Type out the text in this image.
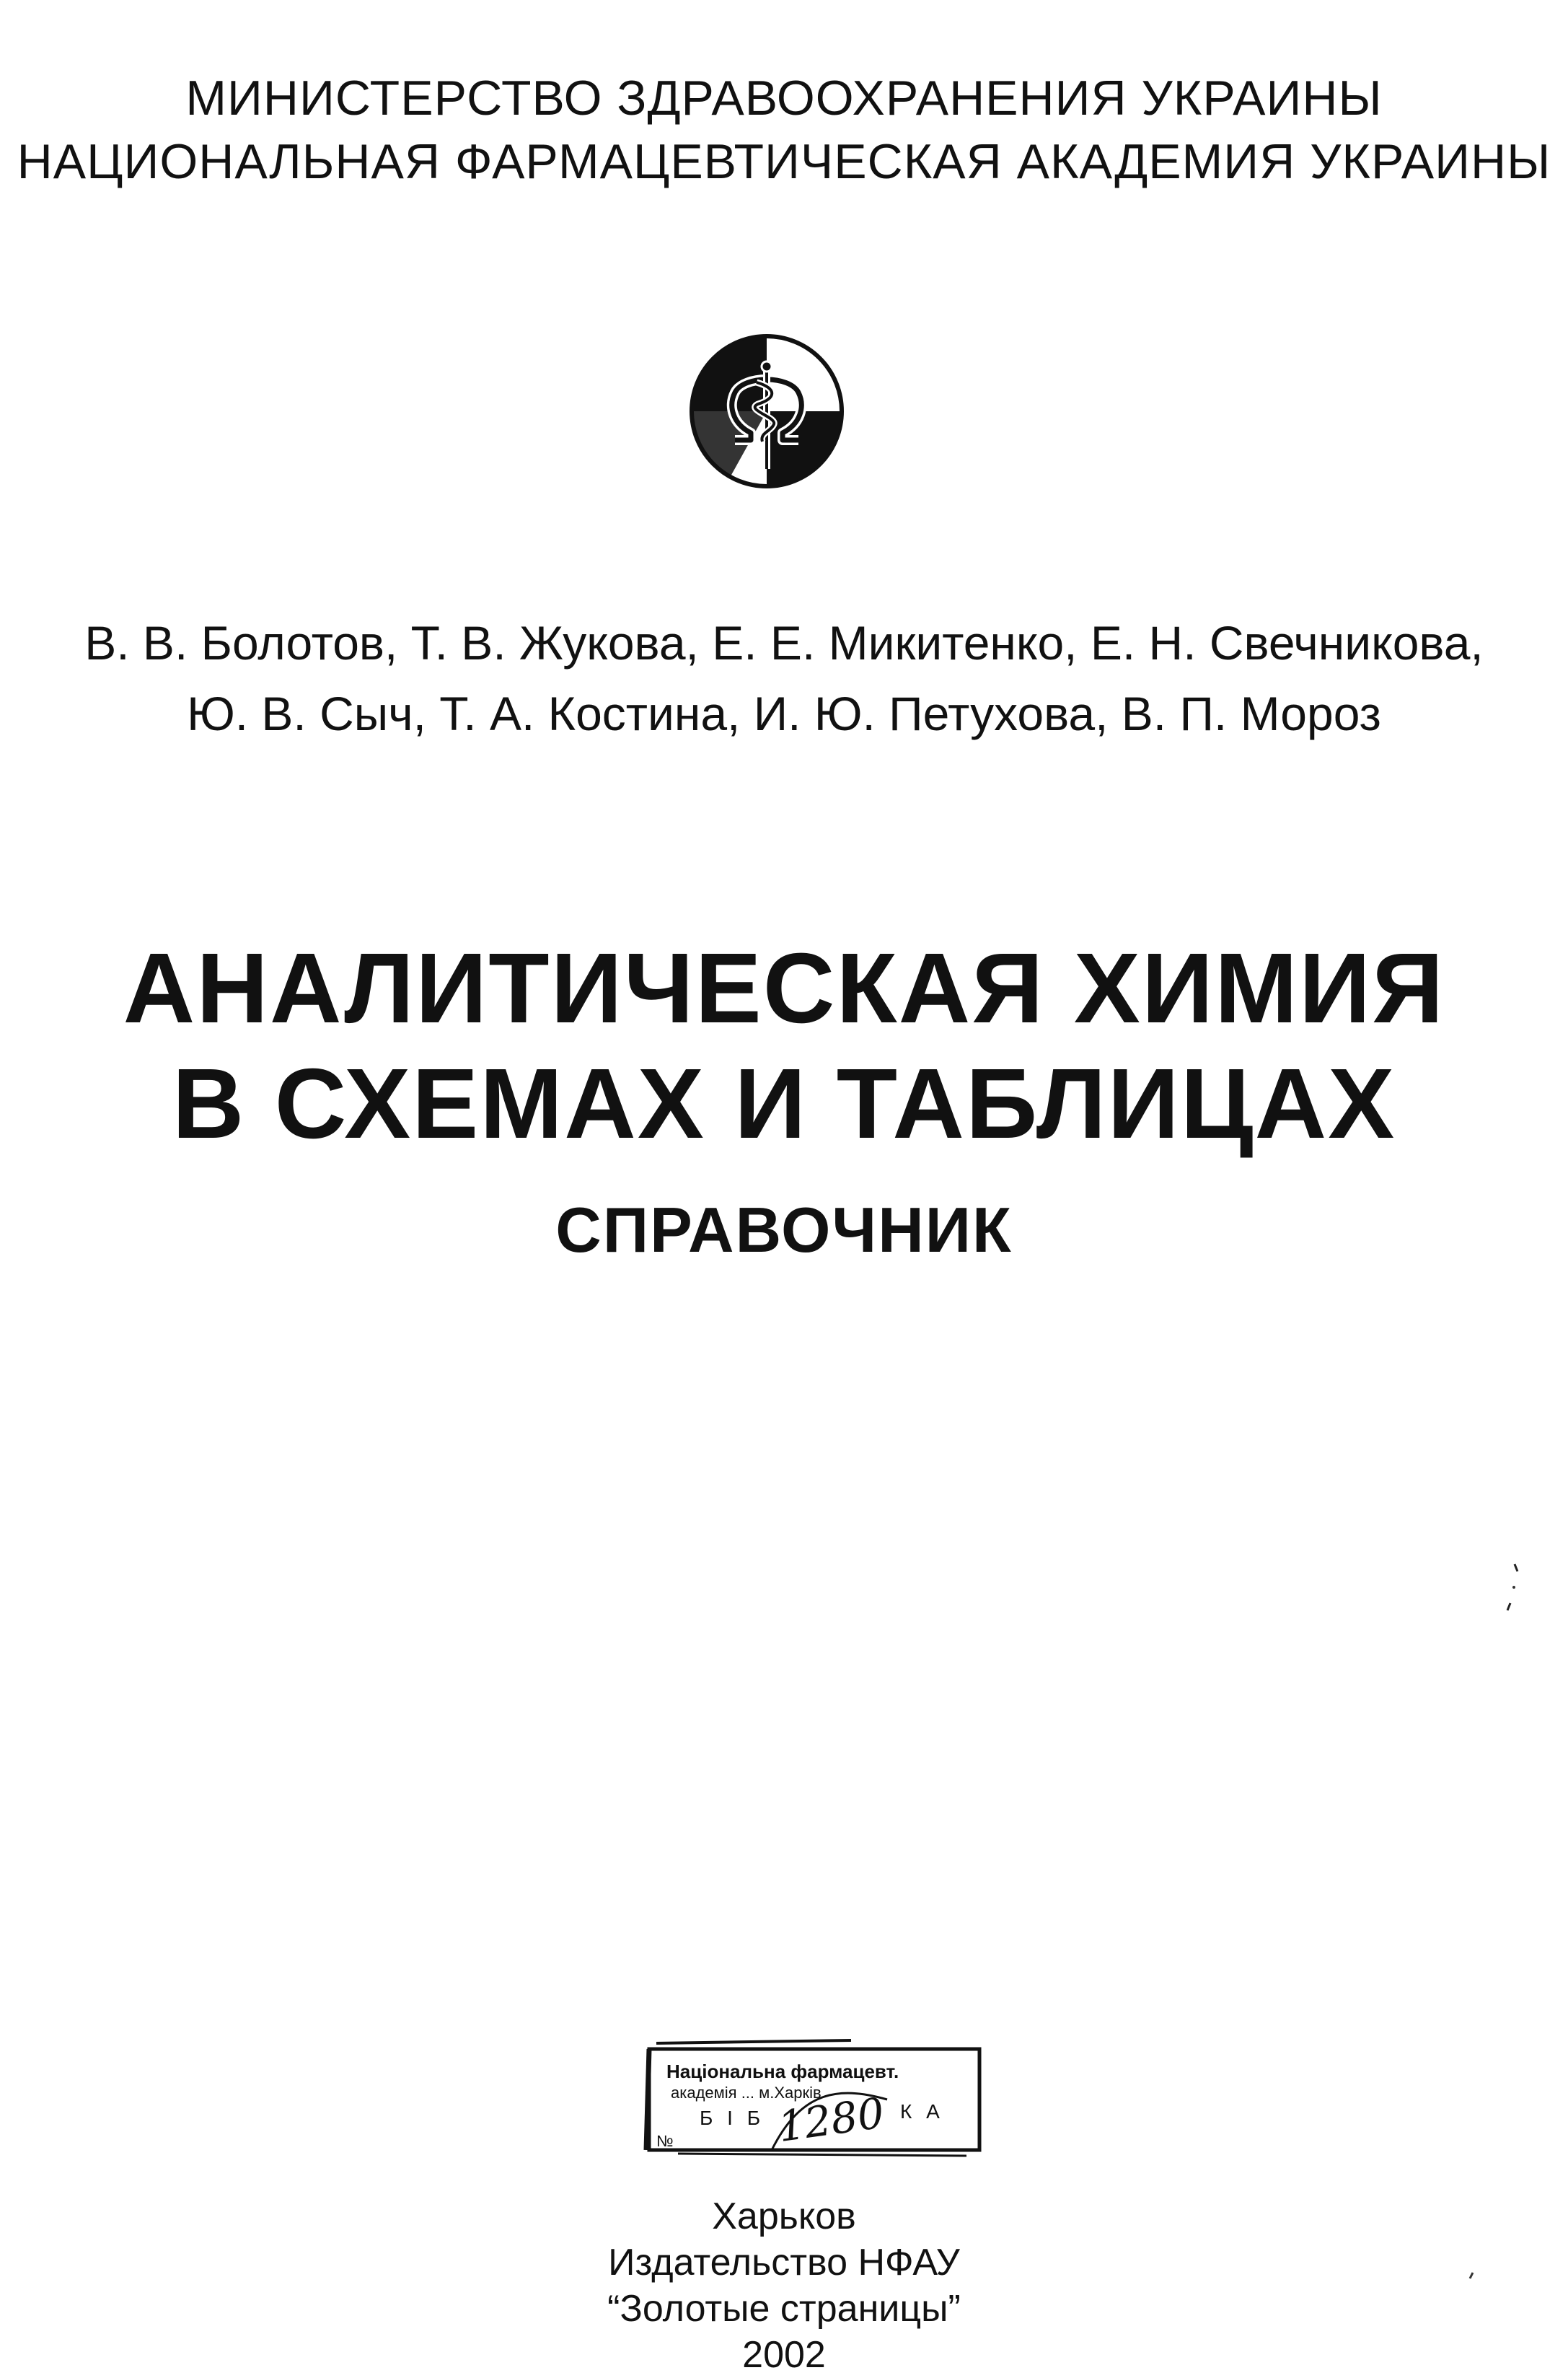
МИНИСТЕРСТВО ЗДРАВООХРАНЕНИЯ УКРАИНЫ
НАЦИОНАЛЬНАЯ ФАРМАЦЕВТИЧЕСКАЯ АКАДЕМИЯ УКРАИНЫ
В. В. Болотов, Т. В. Жукова, Е. Е. Микитенко, Е. Н. Свечникова,
Ю. В. Сыч, Т. А. Костина, И. Ю. Петухова, В. П. Мороз
АНАЛИТИЧЕСКАЯ ХИМИЯ
В СХЕМАХ И ТАБЛИЦАХ
СПРАВОЧНИК
Національна фармацевт.
академія ... м.Харків
Б І Б	К А
№ 1280
Харьков
Издательство НФАУ
“Золотые страницы”
2002
